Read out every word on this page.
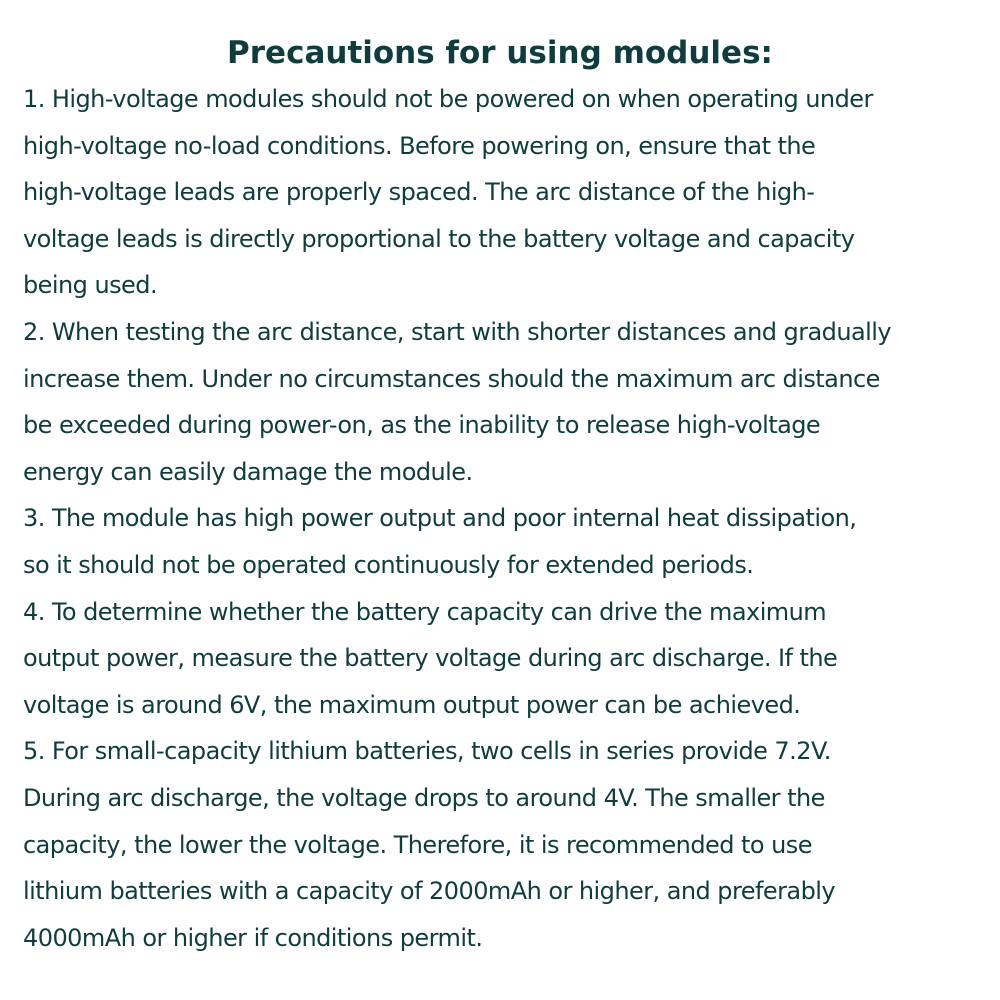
Precautions for using modules:
1. High-voltage modules should not be powered on when operating under
high-voltage no-load conditions. Before powering on, ensure that the
high-voltage leads are properly spaced. The arc distance of the high-
voltage leads is directly proportional to the battery voltage and capacity
being used.
2. When testing the arc distance, start with shorter distances and gradually
increase them. Under no circumstances should the maximum arc distance
be exceeded during power-on, as the inability to release high-voltage
energy can easily damage the module.
3. The module has high power output and poor internal heat dissipation,
so it should not be operated continuously for extended periods.
4. To determine whether the battery capacity can drive the maximum
output power, measure the battery voltage during arc discharge. If the
voltage is around 6V, the maximum output power can be achieved.
5. For small-capacity lithium batteries, two cells in series provide 7.2V.
During arc discharge, the voltage drops to around 4V. The smaller the
capacity, the lower the voltage. Therefore, it is recommended to use
lithium batteries with a capacity of 2000mAh or higher, and preferably
4000mAh or higher if conditions permit.
